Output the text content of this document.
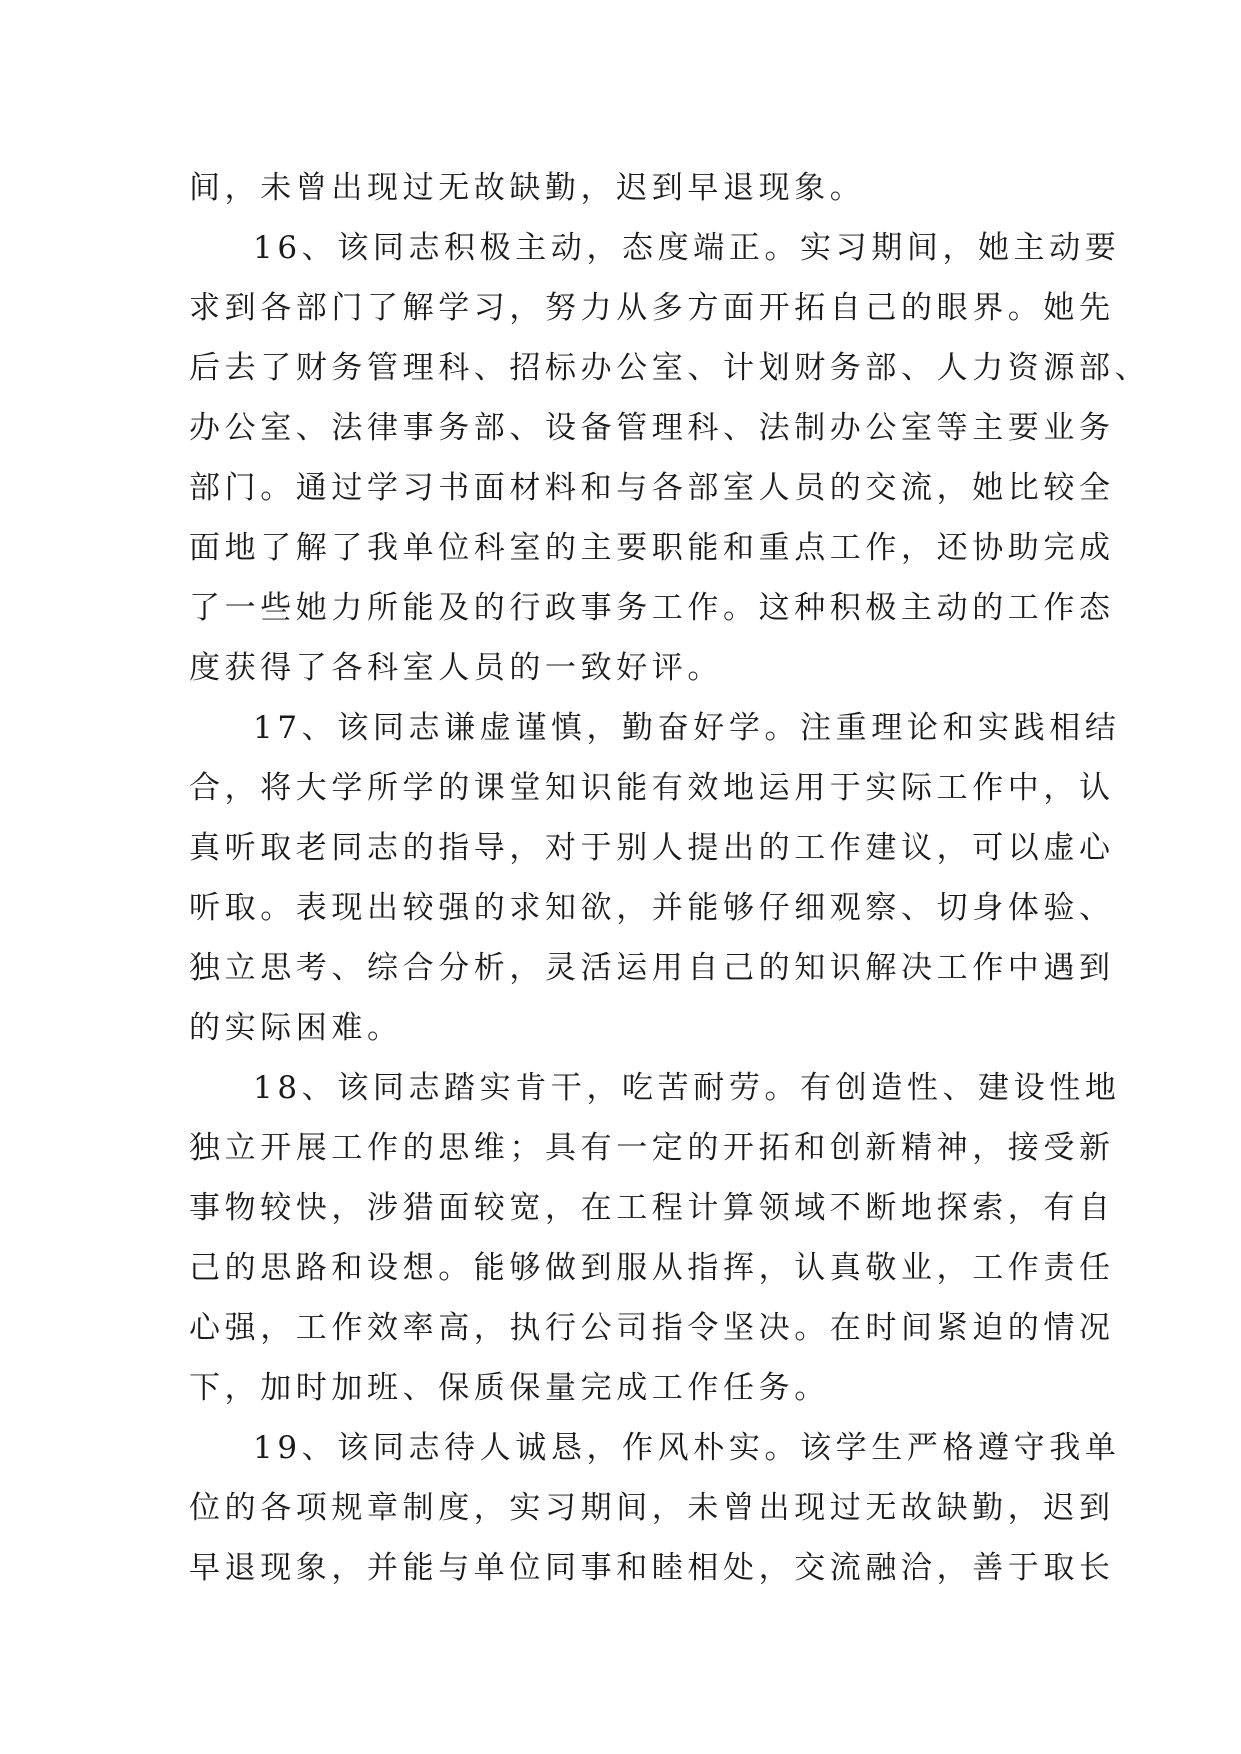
间，未曾出现过无故缺勤，迟到早退现象。
16、该同志积极主动，态度端正。实习期间，她主动要
求到各部门了解学习，努力从多方面开拓自己的眼界。她先
后去了财务管理科、招标办公室、计划财务部、人力资源部、
办公室、法律事务部、设备管理科、法制办公室等主要业务
部门。通过学习书面材料和与各部室人员的交流，她比较全
面地了解了我单位科室的主要职能和重点工作，还协助完成
了一些她力所能及的行政事务工作。这种积极主动的工作态
度获得了各科室人员的一致好评。
17、该同志谦虚谨慎，勤奋好学。注重理论和实践相结
合，将大学所学的课堂知识能有效地运用于实际工作中，认
真听取老同志的指导，对于别人提出的工作建议，可以虚心
听取。表现出较强的求知欲，并能够仔细观察、切身体验、
独立思考、综合分析，灵活运用自己的知识解决工作中遇到
的实际困难。
18、该同志踏实肯干，吃苦耐劳。有创造性、建设性地
独立开展工作的思维；具有一定的开拓和创新精神，接受新
事物较快，涉猎面较宽，在工程计算领域不断地探索，有自
己的思路和设想。能够做到服从指挥，认真敬业，工作责任
心强，工作效率高，执行公司指令坚决。在时间紧迫的情况
下，加时加班、保质保量完成工作任务。
19、该同志待人诚恳，作风朴实。该学生严格遵守我单
位的各项规章制度，实习期间，未曾出现过无故缺勤，迟到
早退现象，并能与单位同事和睦相处，交流融洽，善于取长
